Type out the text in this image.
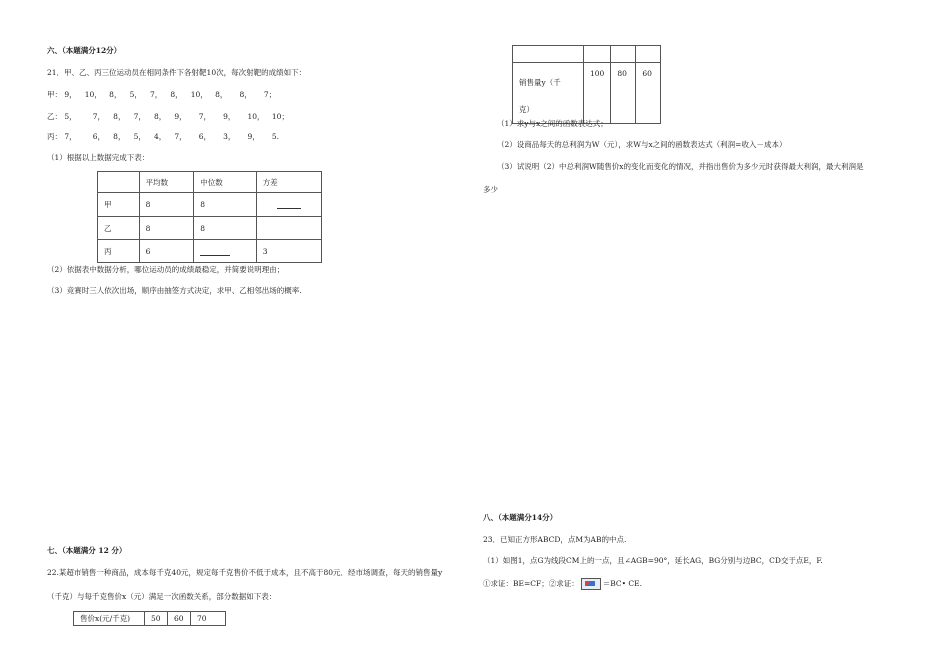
六、（本题满分12分）
21．甲、乙、丙三位运动员在相同条件下各射靶10次，每次射靶的成绩如下：
甲： 9， 10， 8， 5， 7， 8， 10， 8， 8， 7；
乙： 5， 7， 8， 7， 8， 9， 7， 9， 10， 10；
丙： 7， 6， 8， 5， 4， 7， 6， 3， 9， 5.
（1）根据以上数据完成下表：
	平均数	中位数	方差
甲	8	8	
乙	8	8	
丙	6		3
（2）依据表中数据分析，哪位运动员的成绩最稳定，并简要说明理由；
（3）竞赛时三人依次出场，顺序由抽签方式决定，求甲、乙相邻出场的概率.
七、（本题满分 12 分）
22.某超市销售一种商品，成本每千克40元，规定每千克售价不低于成本，且不高于80元．经市场调查，每天的销售量y
（千克）与每千克售价x（元）满足一次函数关系，部分数据如下表：
售价x(元/千克)	50	60	70

销售量y（千
克）	100	80	60
（1）求y与x之间的函数表达式；
（2）设商品每天的总利润为W（元），求W与x之间的函数表达式（利润=收入－成本）
（3）试说明（2）中总利润W随售价x的变化而变化的情况，并指出售价为多少元时获得最大利润，最大利润是
多少
八、（本题满分14分）
23．已知正方形ABCD，点M为AB的中点.
（1）如图1，点G为线段CM上的一点，且∠AGB=90°，延长AG，BG分别与边BC，CD交于点E，F.
①求证：BE=CF；②求证：	＝BC• CE.
